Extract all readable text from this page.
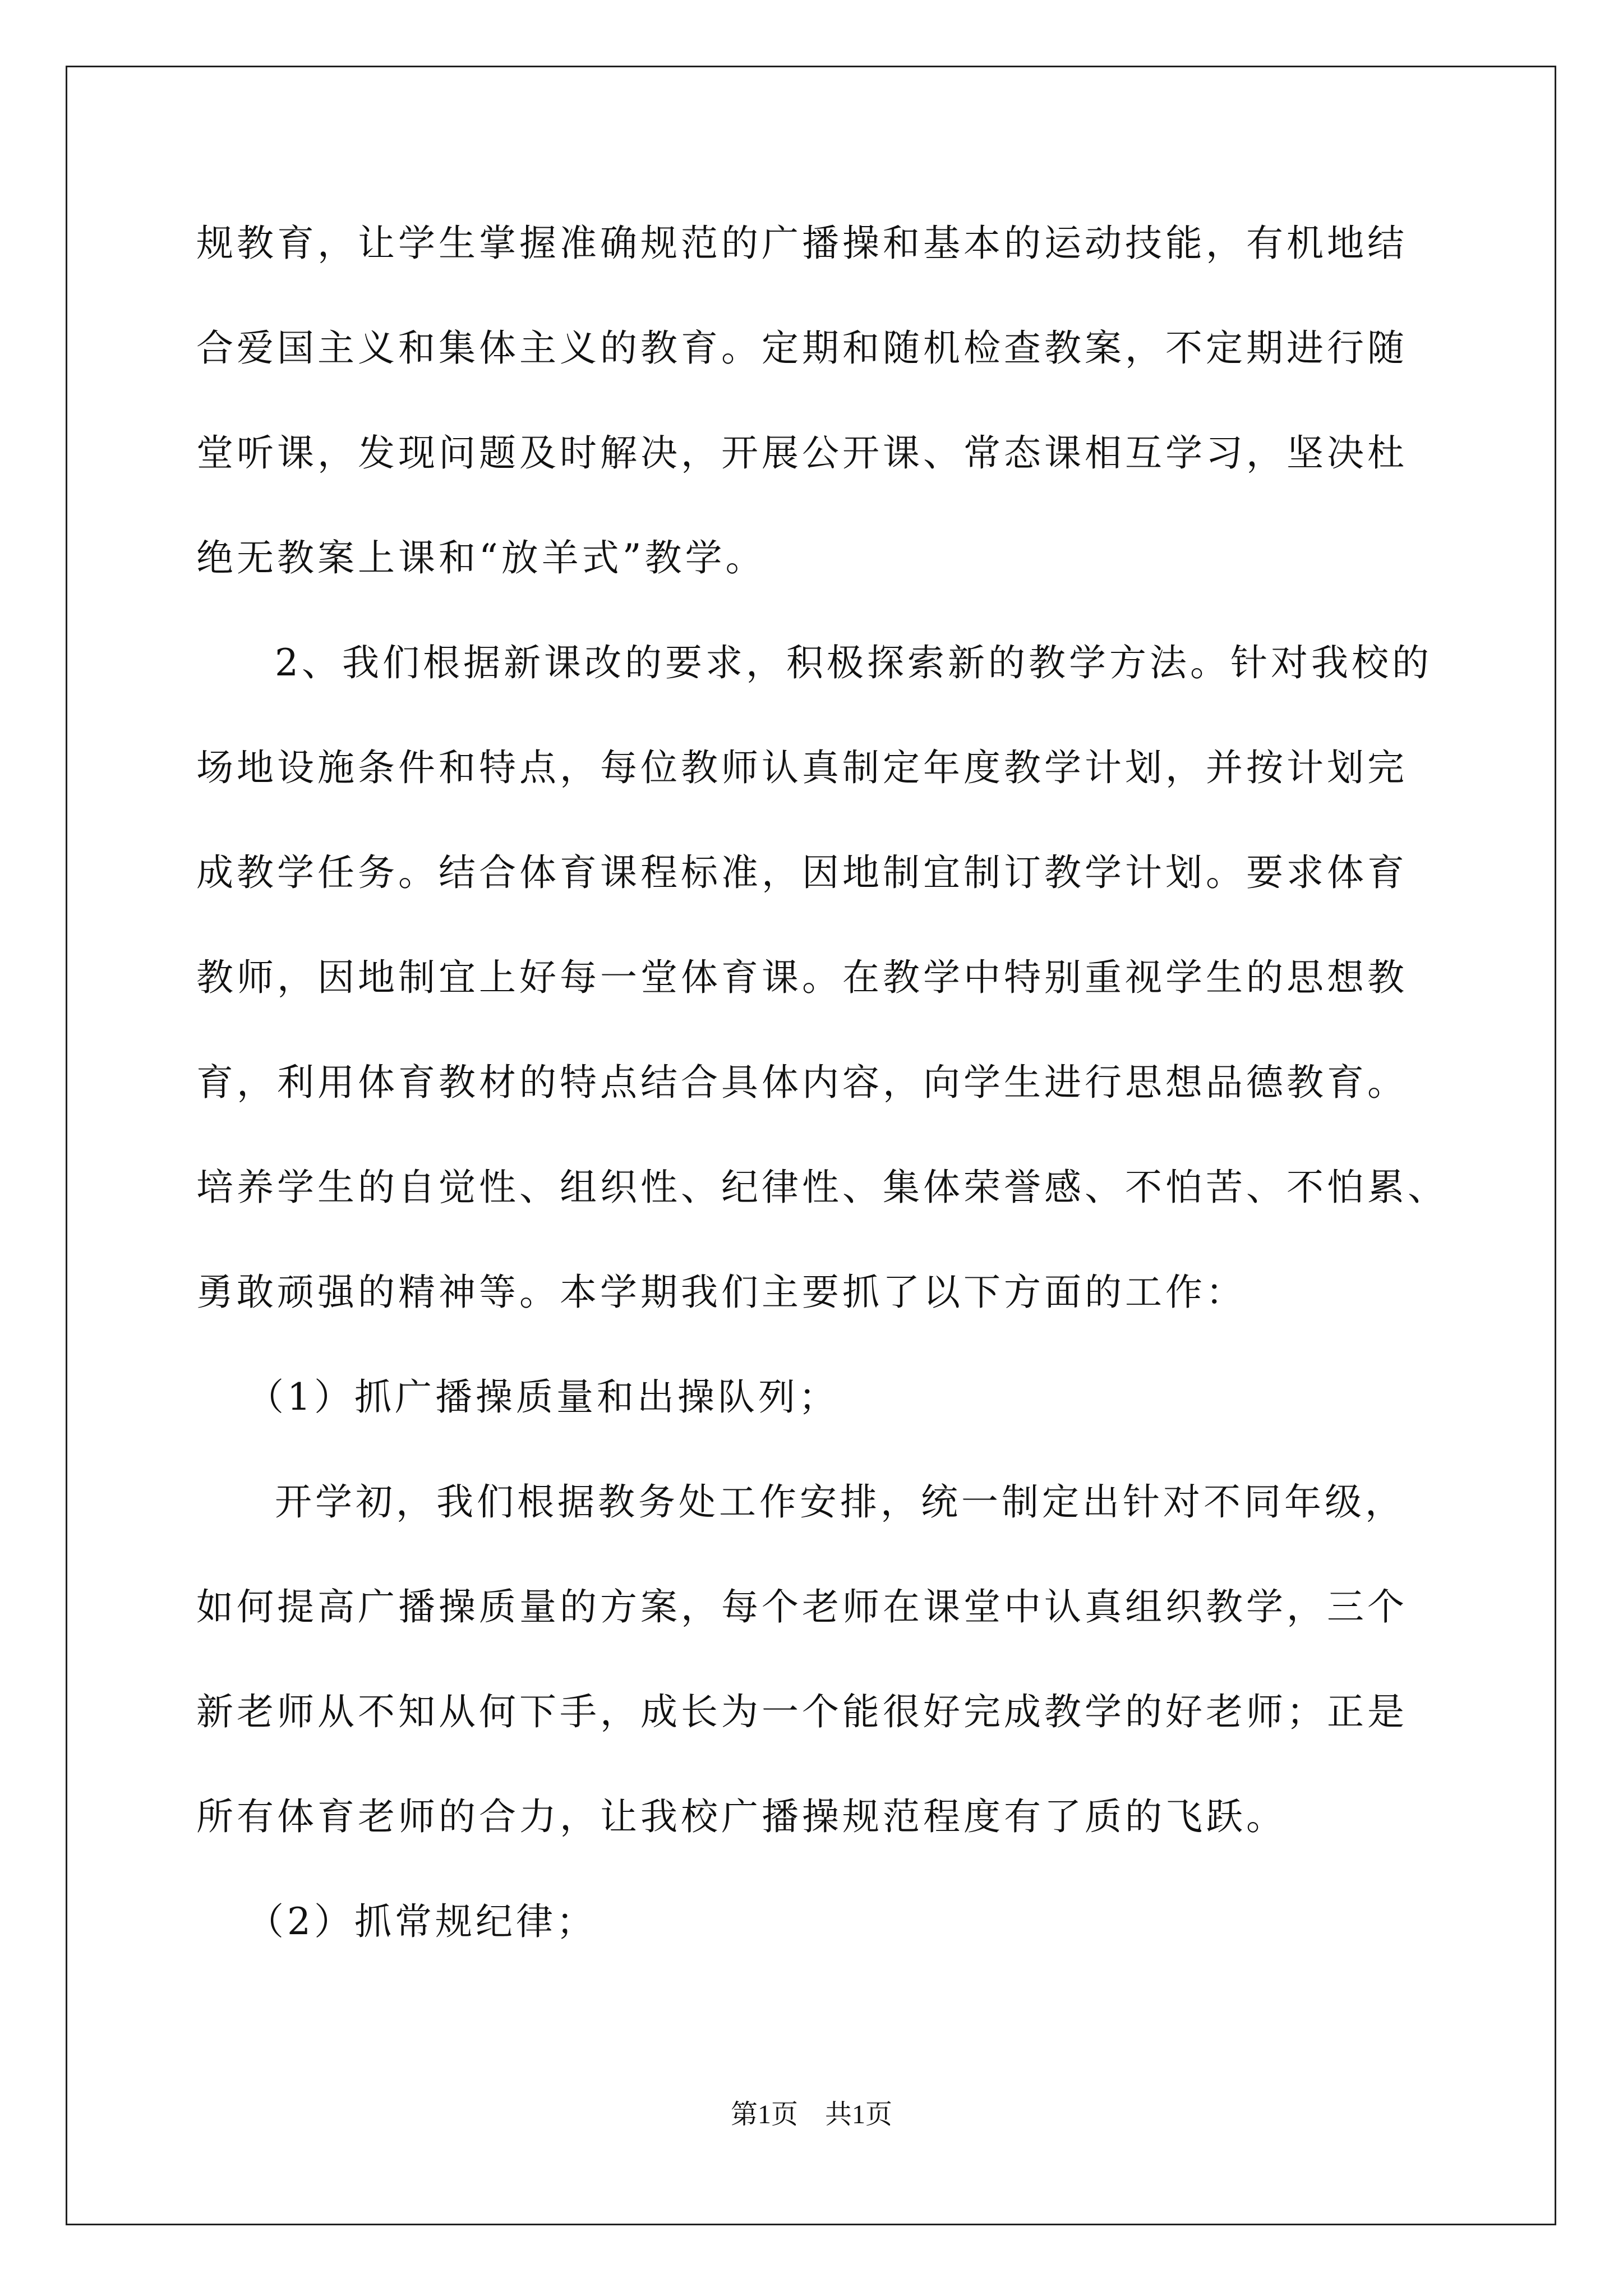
规教育，让学生掌握准确规范的广播操和基本的运动技能，有机地结
合爱国主义和集体主义的教育。定期和随机检查教案，不定期进行随
堂听课，发现问题及时解决，开展公开课、常态课相互学习，坚决杜
绝无教案上课和“放羊式”教学。
2、我们根据新课改的要求，积极探索新的教学方法。针对我校的
场地设施条件和特点，每位教师认真制定年度教学计划，并按计划完
成教学任务。结合体育课程标准，因地制宜制订教学计划。要求体育
教师，因地制宜上好每一堂体育课。在教学中特别重视学生的思想教
育，利用体育教材的特点结合具体内容，向学生进行思想品德教育。
培养学生的自觉性、组织性、纪律性、集体荣誉感、不怕苦、不怕累、
勇敢顽强的精神等。本学期我们主要抓了以下方面的工作：
（1）抓广播操质量和出操队列；
开学初，我们根据教务处工作安排，统一制定出针对不同年级，
如何提高广播操质量的方案，每个老师在课堂中认真组织教学，三个
新老师从不知从何下手，成长为一个能很好完成教学的好老师；正是
所有体育老师的合力，让我校广播操规范程度有了质的飞跃。
（2）抓常规纪律；
第1页　共1页
